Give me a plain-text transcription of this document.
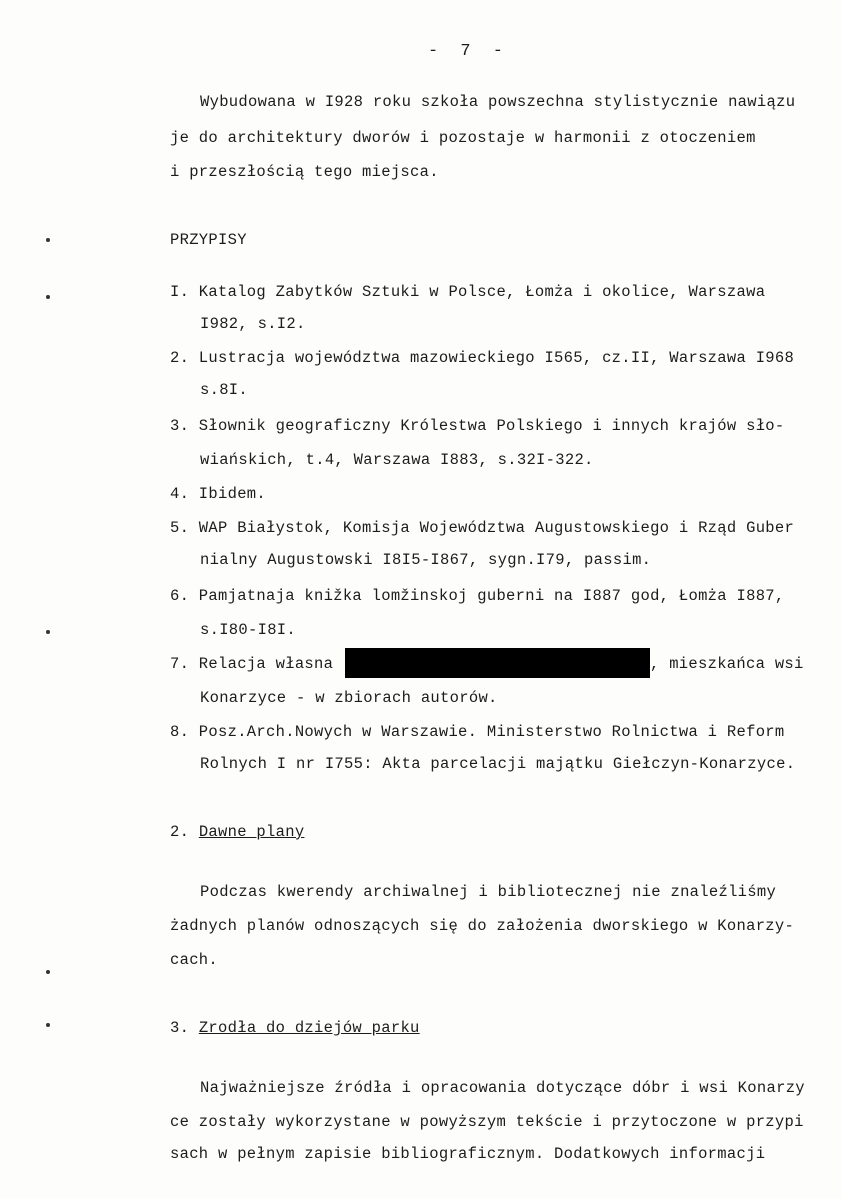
- 7 -
Wybudowana w I928 roku szkoła powszechna stylistycznie nawiązu
je do architektury dworów i pozostaje w harmonii z otoczeniem
i przeszłością tego miejsca.
PRZYPISY
I. Katalog Zabytków Sztuki w Polsce, Łomża i okolice, Warszawa
I982, s.I2.
2. Lustracja województwa mazowieckiego I565, cz.II, Warszawa I968
s.8I.
3. Słownik geograficzny Królestwa Polskiego i innych krajów sło-
wiańskich, t.4, Warszawa I883, s.32I-322.
4. Ibidem.
5. WAP Białystok, Komisja Województwa Augustowskiego i Rząd Guber
nialny Augustowski I8I5-I867, sygn.I79, passim.
6. Pamjatnaja knižka lomžinskoj guberni na I887 god, Łomża I887,
s.I80-I8I.
7. Relacja własna	, mieszkańca wsi
Konarzyce - w zbiorach autorów.
8. Posz.Arch.Nowych w Warszawie. Ministerstwo Rolnictwa i Reform
Rolnych I nr I755: Akta parcelacji majątku Giełczyn-Konarzyce.
2. Dawne plany
Podczas kwerendy archiwalnej i bibliotecznej nie znaleźliśmy
żadnych planów odnoszących się do założenia dworskiego w Konarzy-
cach.
3. Zrodła do dziejów parku
Najważniejsze źródła i opracowania dotyczące dóbr i wsi Konarzy
ce zostały wykorzystane w powyższym tekście i przytoczone w przypi
sach w pełnym zapisie bibliograficznym. Dodatkowych informacji
